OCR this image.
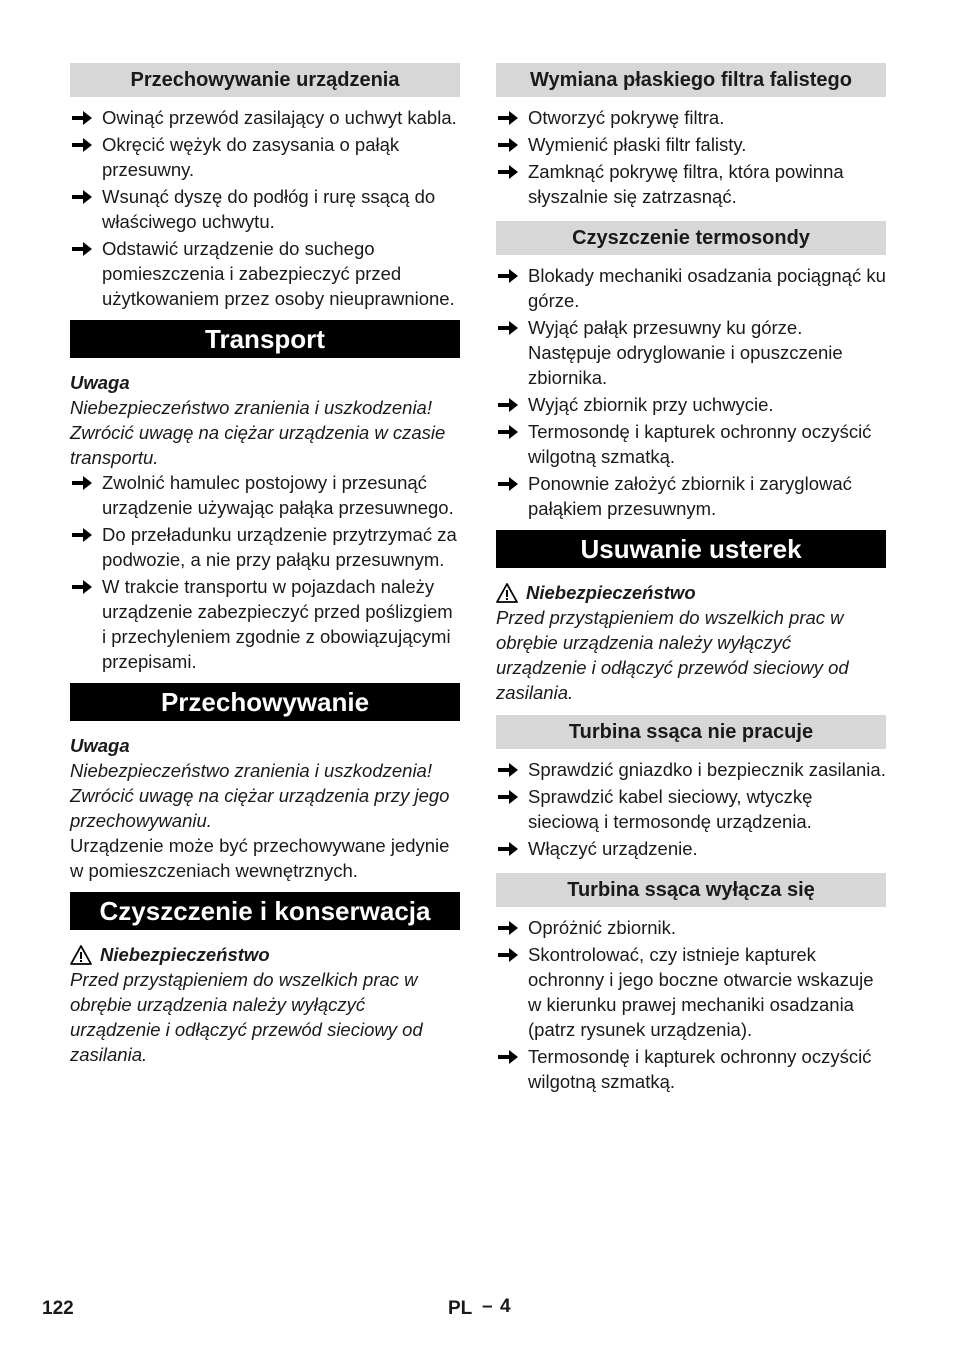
Przechowywanie urządzenia
Owinąć przewód zasilający o uchwyt kabla.
Okręcić wężyk do zasysania o pałąk przesuwny.
Wsunąć dyszę do podłóg i rurę ssącą do właściwego uchwytu.
Odstawić urządzenie do suchego pomieszczenia i zabezpieczyć przed użytkowaniem przez osoby nieuprawnione.
Transport

Uwaga

Niebezpieczeństwo zranienia i uszkodzenia! Zwrócić uwagę na ciężar urządzenia w czasie transportu.

Zwolnić hamulec postojowy i przesunąć urządzenie używając pałąka przesuwnego.
Do przeładunku urządzenie przytrzymać za podwozie, a nie przy pałąku przesuwnym.
W trakcie transportu w pojazdach należy urządzenie zabezpieczyć przed poślizgiem i przechyleniem zgodnie z obowiązującymi przepisami.
Przechowywanie

Uwaga

Niebezpieczeństwo zranienia i uszkodzenia! Zwrócić uwagę na ciężar urządzenia przy jego przechowywaniu.

Urządzenie może być przechowywane jedynie w pomieszczeniach wewnętrznych.

Czyszczenie i konserwacja
Niebezpieczeństwo

Przed przystąpieniem do wszelkich prac w obrębie urządzenia należy wyłączyć urządzenie i odłączyć przewód sieciowy od zasilania.

Wymiana płaskiego filtra falistego
Otworzyć pokrywę filtra.
Wymienić płaski filtr falisty.
Zamknąć pokrywę filtra, która powinna słyszalnie się zatrzasnąć.
Czyszczenie termosondy
Blokady mechaniki osadzania pociągnąć ku górze.
Wyjąć pałąk przesuwny ku górze. Następuje odryglowanie i opuszczenie zbiornika.
Wyjąć zbiornik przy uchwycie.
Termosondę i kapturek ochronny oczyścić wilgotną szmatką.
Ponownie założyć zbiornik i zaryglować pałąkiem przesuwnym.
Usuwanie usterek
Niebezpieczeństwo

Przed przystąpieniem do wszelkich prac w obrębie urządzenia należy wyłączyć urządzenie i odłączyć przewód sieciowy od zasilania.

Turbina ssąca nie pracuje
Sprawdzić gniazdko i bezpiecznik zasilania.
Sprawdzić kabel sieciowy, wtyczkę sieciową i termosondę urządzenia.
Włączyć urządzenie.
Turbina ssąca wyłącza się
Opróżnić zbiornik.
Skontrolować, czy istnieje kapturek ochronny i jego boczne otwarcie wskazuje w kierunku prawej mechaniki osadzania (patrz rysunek urządzenia).
Termosondę i kapturek ochronny oczyścić wilgotną szmatką.
122	PL – 4
